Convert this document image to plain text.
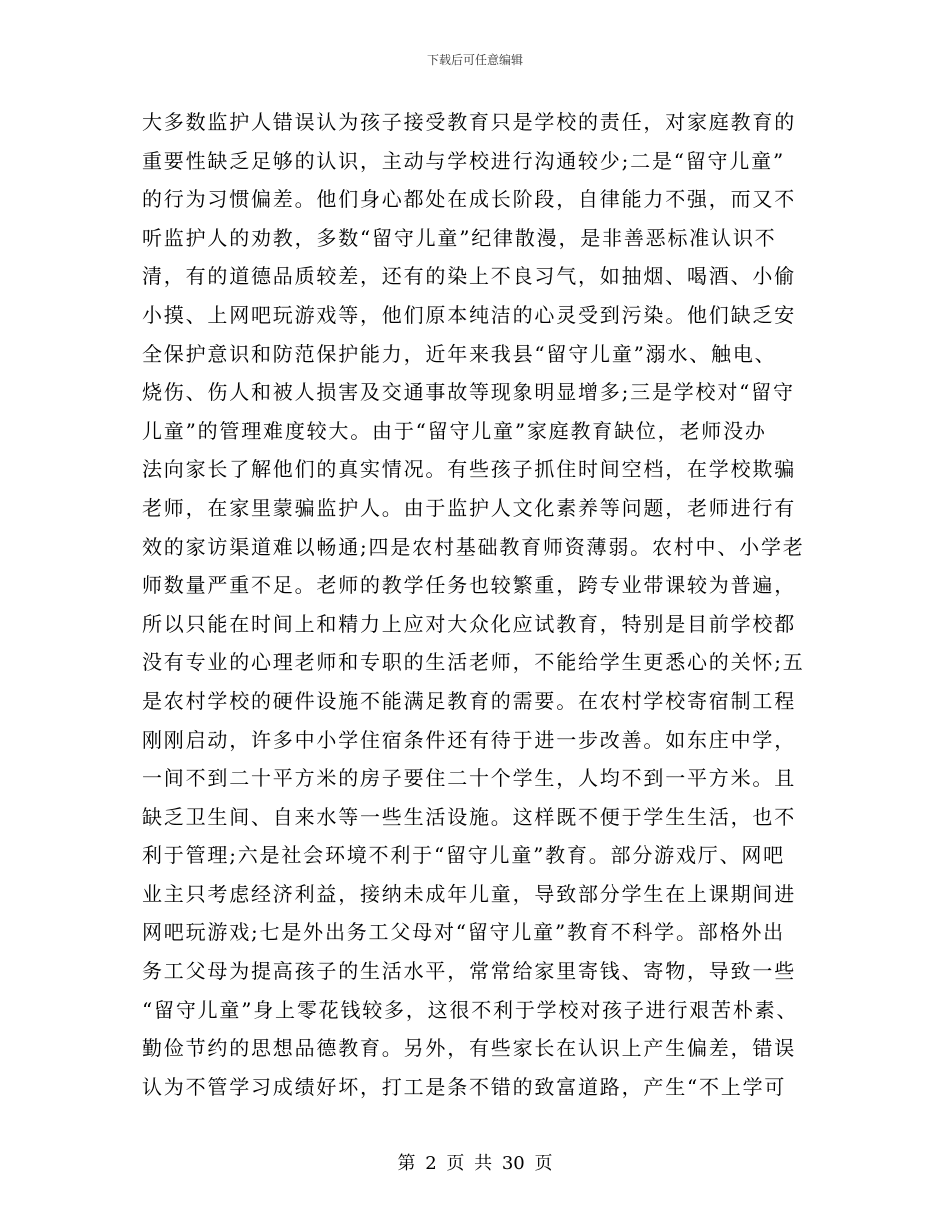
下载后可任意编辑
大多数监护人错误认为孩子接受教育只是学校的责任，对家庭教育的
重要性缺乏足够的认识，主动与学校进行沟通较少;二是“留守儿童”
的行为习惯偏差。他们身心都处在成长阶段，自律能力不强，而又不
听监护人的劝教，多数“留守儿童”纪律散漫，是非善恶标准认识不
清，有的道德品质较差，还有的染上不良习气，如抽烟、喝酒、小偷
小摸、上网吧玩游戏等，他们原本纯洁的心灵受到污染。他们缺乏安
全保护意识和防范保护能力，近年来我县“留守儿童”溺水、触电、
烧伤、伤人和被人损害及交通事故等现象明显增多;三是学校对“留守
儿童”的管理难度较大。由于“留守儿童”家庭教育缺位，老师没办
法向家长了解他们的真实情况。有些孩子抓住时间空档，在学校欺骗
老师，在家里蒙骗监护人。由于监护人文化素养等问题，老师进行有
效的家访渠道难以畅通;四是农村基础教育师资薄弱。农村中、小学老
师数量严重不足。老师的教学任务也较繁重，跨专业带课较为普遍，
所以只能在时间上和精力上应对大众化应试教育，特别是目前学校都
没有专业的心理老师和专职的生活老师，不能给学生更悉心的关怀;五
是农村学校的硬件设施不能满足教育的需要。在农村学校寄宿制工程
刚刚启动，许多中小学住宿条件还有待于进一步改善。如东庄中学，
一间不到二十平方米的房子要住二十个学生，人均不到一平方米。且
缺乏卫生间、自来水等一些生活设施。这样既不便于学生生活，也不
利于管理;六是社会环境不利于“留守儿童”教育。部分游戏厅、网吧
业主只考虑经济利益，接纳未成年儿童，导致部分学生在上课期间进
网吧玩游戏;七是外出务工父母对“留守儿童”教育不科学。部格外出
务工父母为提高孩子的生活水平，常常给家里寄钱、寄物，导致一些
“留守儿童”身上零花钱较多，这很不利于学校对孩子进行艰苦朴素、
勤俭节约的思想品德教育。另外，有些家长在认识上产生偏差，错误
认为不管学习成绩好坏，打工是条不错的致富道路，产生“不上学可
第 2 页 共 30 页
